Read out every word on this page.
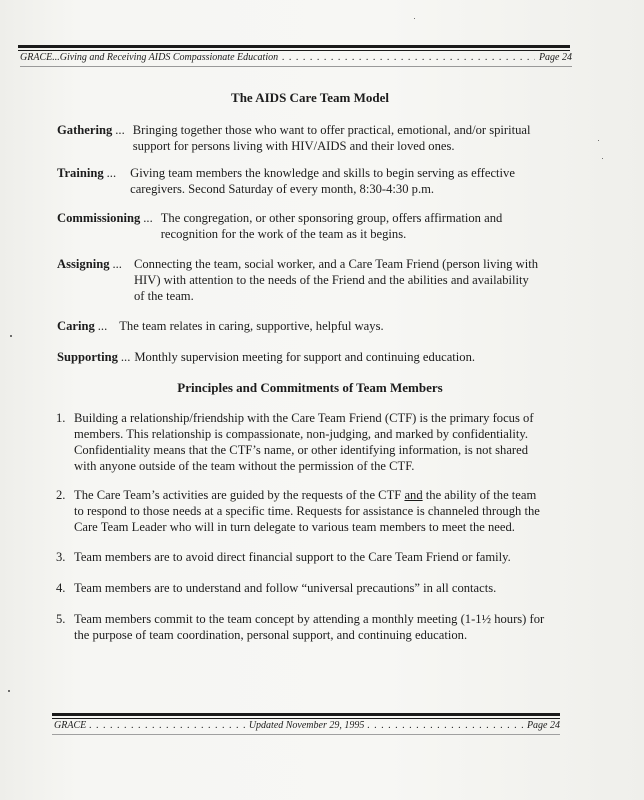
GRACE...Giving and Receiving AIDS Compassionate Education . . .	Page 24
The AIDS Care Team Model
Gathering ... Bringing together those who want to offer practical, emotional, and/or spiritual
support for persons living with HIV/AIDS and their loved ones.
Training ... Giving team members the knowledge and skills to begin serving as effective
caregivers. Second Saturday of every month, 8:30-4:30 p.m.
Commissioning ... The congregation, or other sponsoring group, offers affirmation and
recognition for the work of the team as it begins.
Assigning ... Connecting the team, social worker, and a Care Team Friend (person living with
HIV) with attention to the needs of the Friend and the abilities and availability
of the team.
Caring ... The team relates in caring, supportive, helpful ways.
Supporting ... Monthly supervision meeting for support and continuing education.
Principles and Commitments of Team Members
1. Building a relationship/friendship with the Care Team Friend (CTF) is the primary focus of
members. This relationship is compassionate, non-judging, and marked by confidentiality.
Confidentiality means that the CTF’s name, or other identifying information, is not shared
with anyone outside of the team without the permission of the CTF.
2. The Care Team’s activities are guided by the requests of the CTF and the ability of the team
to respond to those needs at a specific time. Requests for assistance is channeled through the
Care Team Leader who will in turn delegate to various team members to meet the need.
3. Team members are to avoid direct financial support to the Care Team Friend or family.
4. Team members are to understand and follow “universal precautions” in all contacts.
5. Team members commit to the team concept by attending a monthly meeting (1-1½ hours) for
the purpose of team coordination, personal support, and continuing education.
GRACE . . .	Updated November 29, 1995 . . .	Page 24
